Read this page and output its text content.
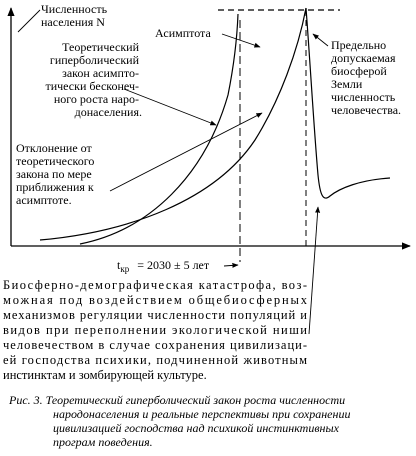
Численность населения N
Асимптота
Теоретический гиперболический закон асимпто- тически бесконеч- ного роста наро- донаселения.
Отклонение от теоретического закона по мере приближения к асимптоте.
Предельно допускаемая биосферой Земли численность человечества.
$t_{кр} = 2030 \pm 5$ лет
Биосферно-демографическая катастрофа, воз- можная под воздействием общебиосферных механизмов регуляции численности популяций и видов при переполнении экологической ниши человечеством в случае сохранения цивилизаци- ей господства психики, подчиненной животным инстинктам и зомбирующей культуре.
Рис. 3. Теоретический гиперболический закон роста численности народонаселения и реальные перспективы при сохранении цивилизацией господства над психикой инстинктивных програм поведения.
